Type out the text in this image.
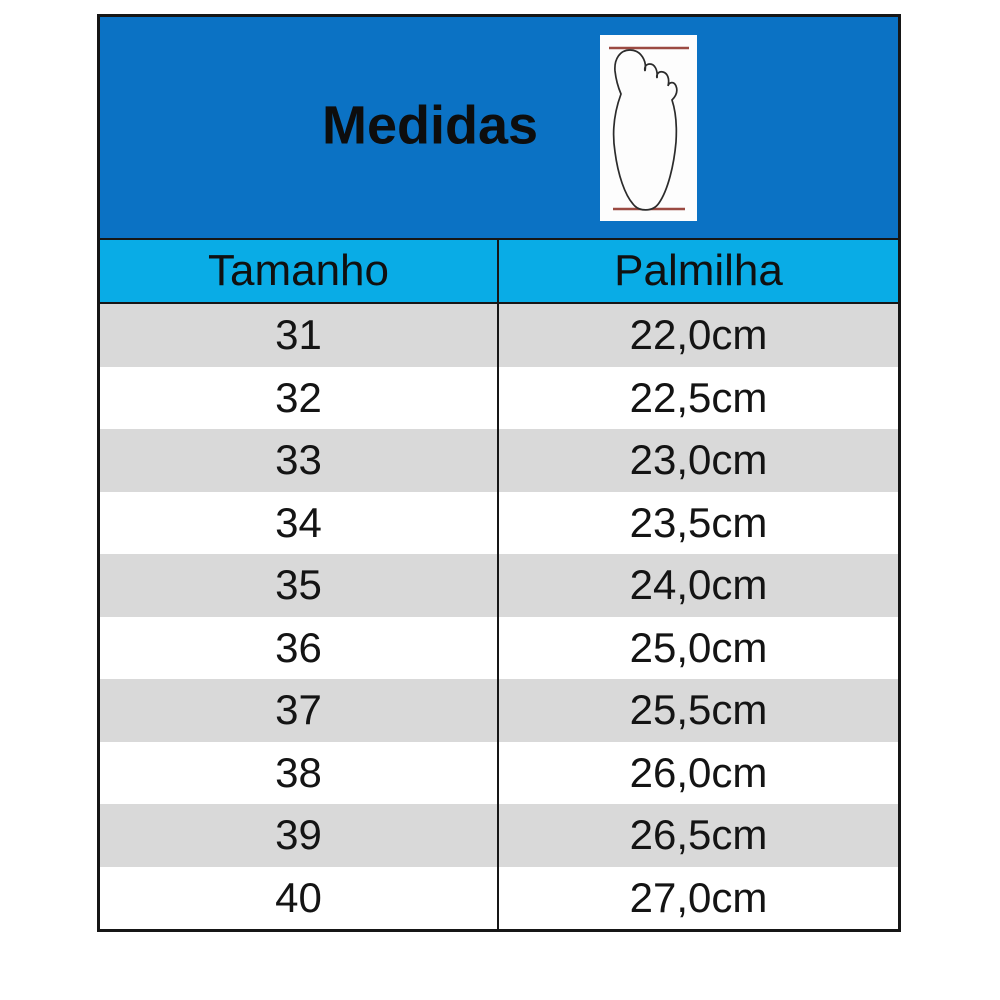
Medidas
Tamanho	Palmilha
31	22,0cm
32	22,5cm
33	23,0cm
34	23,5cm
35	24,0cm
36	25,0cm
37	25,5cm
38	26,0cm
39	26,5cm
40	27,0cm
